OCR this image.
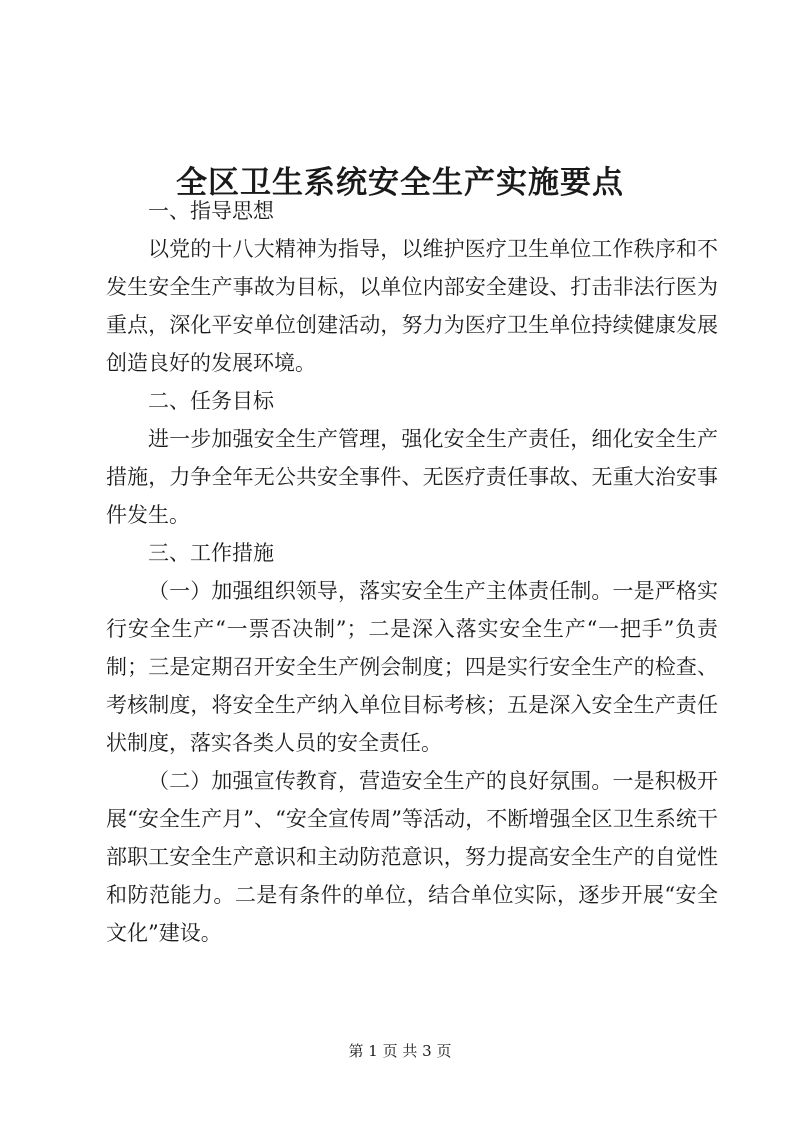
全区卫生系统安全生产实施要点

一、指导思想

以党的十八大精神为指导，以维护医疗卫生单位工作秩序和不发生安全生产事故为目标，以单位内部安全建设、打击非法行医为重点，深化平安单位创建活动，努力为医疗卫生单位持续健康发展创造良好的发展环境。

二、任务目标

进一步加强安全生产管理，强化安全生产责任，细化安全生产措施，力争全年无公共安全事件、无医疗责任事故、无重大治安事件发生。

三、工作措施

（一）加强组织领导，落实安全生产主体责任制。一是严格实行安全生产“一票否决制”；二是深入落实安全生产“一把手”负责制；三是定期召开安全生产例会制度；四是实行安全生产的检查、考核制度，将安全生产纳入单位目标考核；五是深入安全生产责任状制度，落实各类人员的安全责任。

（二）加强宣传教育，营造安全生产的良好氛围。一是积极开展“安全生产月”、“安全宣传周”等活动，不断增强全区卫生系统干部职工安全生产意识和主动防范意识，努力提高安全生产的自觉性和防范能力。二是有条件的单位，结合单位实际，逐步开展“安全文化”建设。

第 1 页 共 3 页
